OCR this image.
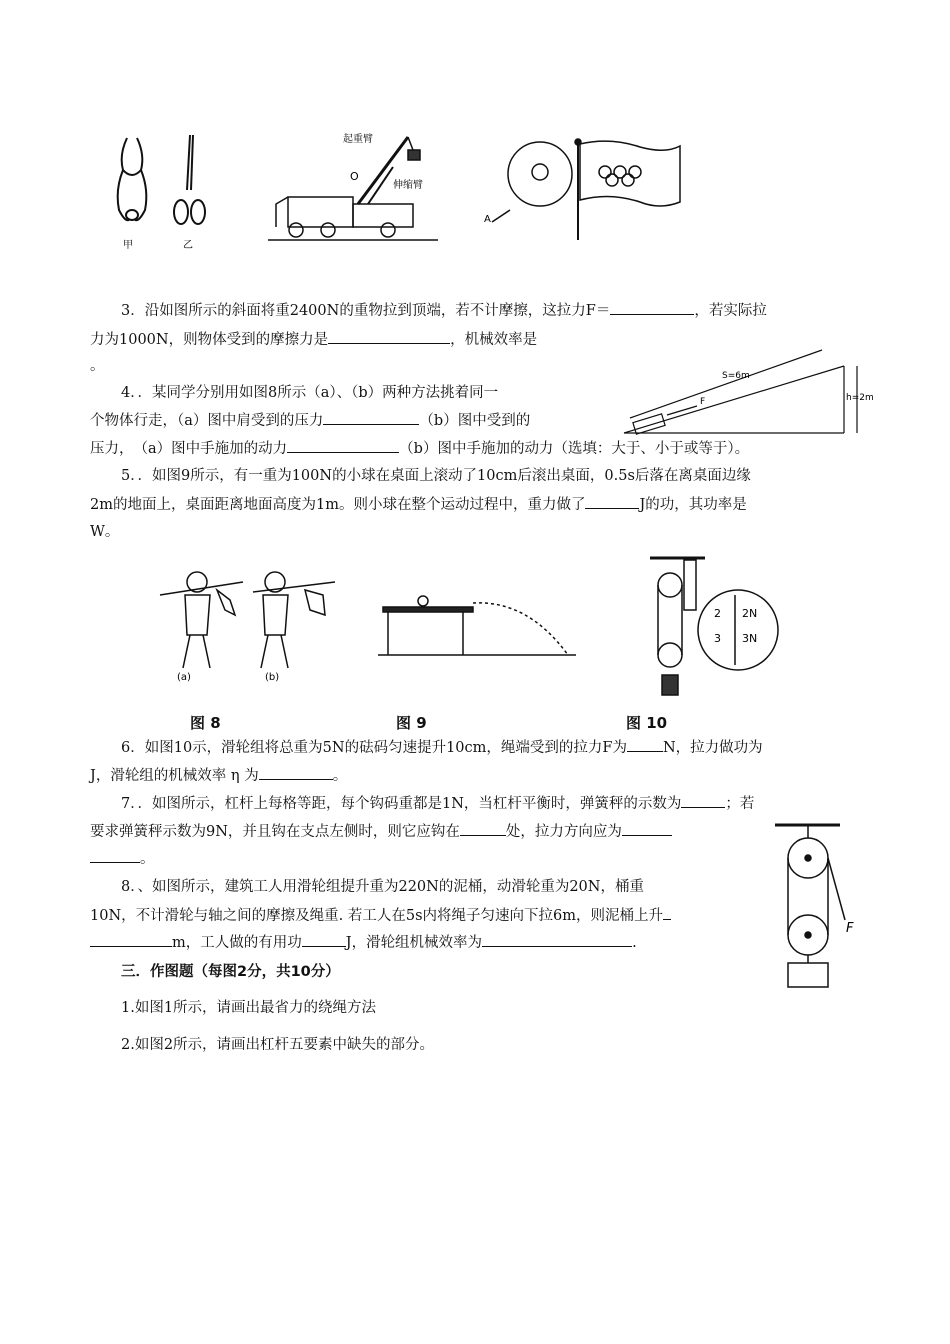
甲	乙
起重臂
O
伸缩臂
A
3．沿如图所示的斜面将重2400N的重物拉到顶端，若不计摩擦，这拉力F＝	，若实际拉
力为1000N，则物体受到的摩擦力是	，机械效率是
。
S=6m
h=2m
F
4．．某同学分别用如图8所示（a）、（b）两种方法挑着同一
个物体行走，（a）图中肩受到的压力	（b）图中受到的
压力，　（a）图中手施加的动力	（b）图中手施加的动力（选填：大于、小于或等于）。
5．．如图9所示，有一重为100N的小球在桌面上滚动了10cm后滚出桌面，0.5s后落在离桌面边缘
2m的地面上，桌面距离地面高度为1m。则小球在整个运动过程中，重力做了	J的功，其功率是
W。
(a)	(b)
2 2N
3 3N
图 8	图 9	图 10
6．如图10示，滑轮组将总重为5N的砝码匀速提升10cm，绳端受到的拉力F为 N，拉力做功为
J，滑轮组的机械效率 η 为	。
7．．如图所示，杠杆上每格等距，每个钩码重都是1N，当杠杆平衡时，弹簧秤的示数为	；若
要求弹簧秤示数为9N，并且钩在支点左侧时，则它应钩在	处，拉力方向应为
。
F
8．、如图所示，建筑工人用滑轮组提升重为220N的泥桶，动滑轮重为20N，桶重
10N，不计滑轮与轴之间的摩擦及绳重. 若工人在5s内将绳子匀速向下拉6m，则泥桶上升
m，工人做的有用功	J，滑轮组机械效率为	.
三．作图题（每图2分，共10分）
1.如图1所示，请画出最省力的绕绳方法
2.如图2所示，请画出杠杆五要素中缺失的部分。
